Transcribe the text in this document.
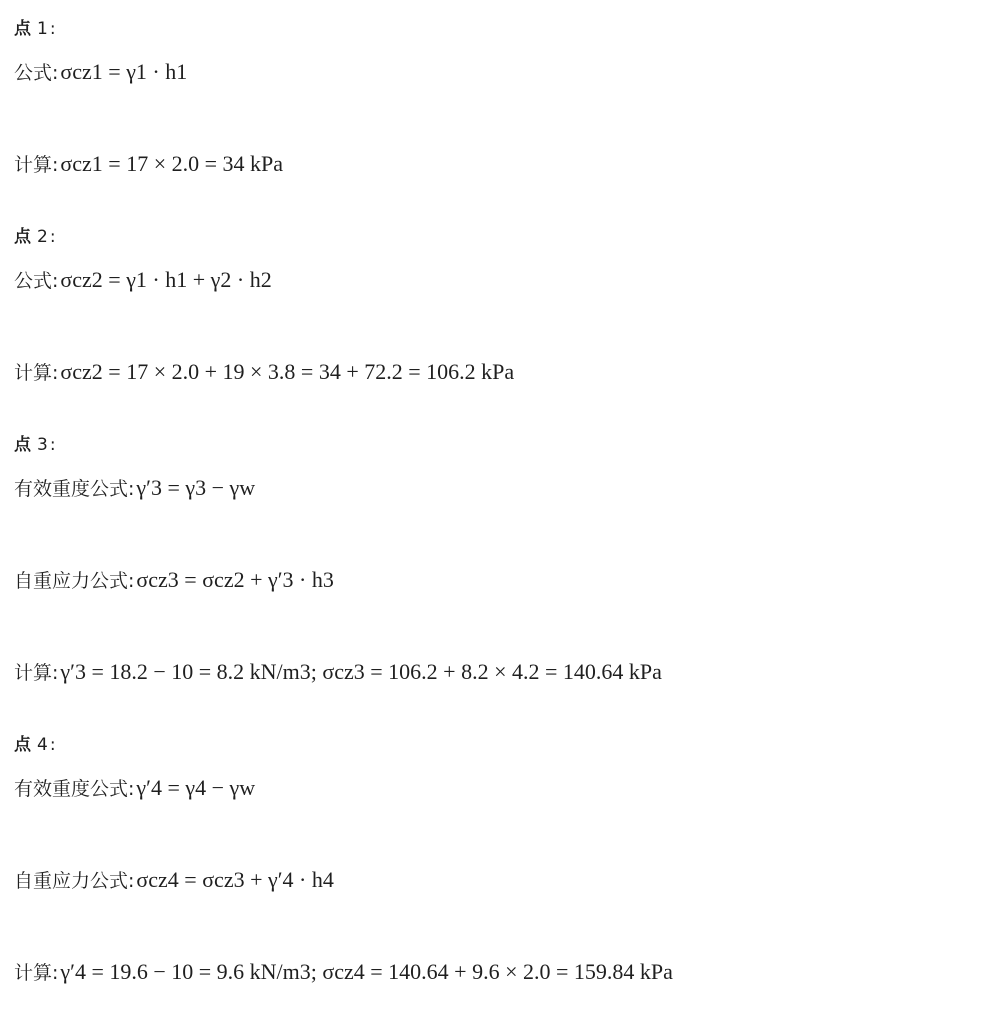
点 1 :
公式: σcz1 = γ1 · h1
计算: σcz1 = 17 × 2.0 = 34 kPa
点 2 :
公式: σcz2 = γ1 · h1 + γ2 · h2
计算: σcz2 = 17 × 2.0 + 19 × 3.8 = 34 + 72.2 = 106.2 kPa
点 3 :
有效重度公式: γ′3 = γ3 − γw
自重应力公式: σcz3 = σcz2 + γ′3 · h3
计算: γ′3 = 18.2 − 10 = 8.2 kN/m3; σcz3 = 106.2 + 8.2 × 4.2 = 140.64 kPa
点 4 :
有效重度公式: γ′4 = γ4 − γw
自重应力公式: σcz4 = σcz3 + γ′4 · h4
计算: γ′4 = 19.6 − 10 = 9.6 kN/m3; σcz4 = 140.64 + 9.6 × 2.0 = 159.84 kPa
